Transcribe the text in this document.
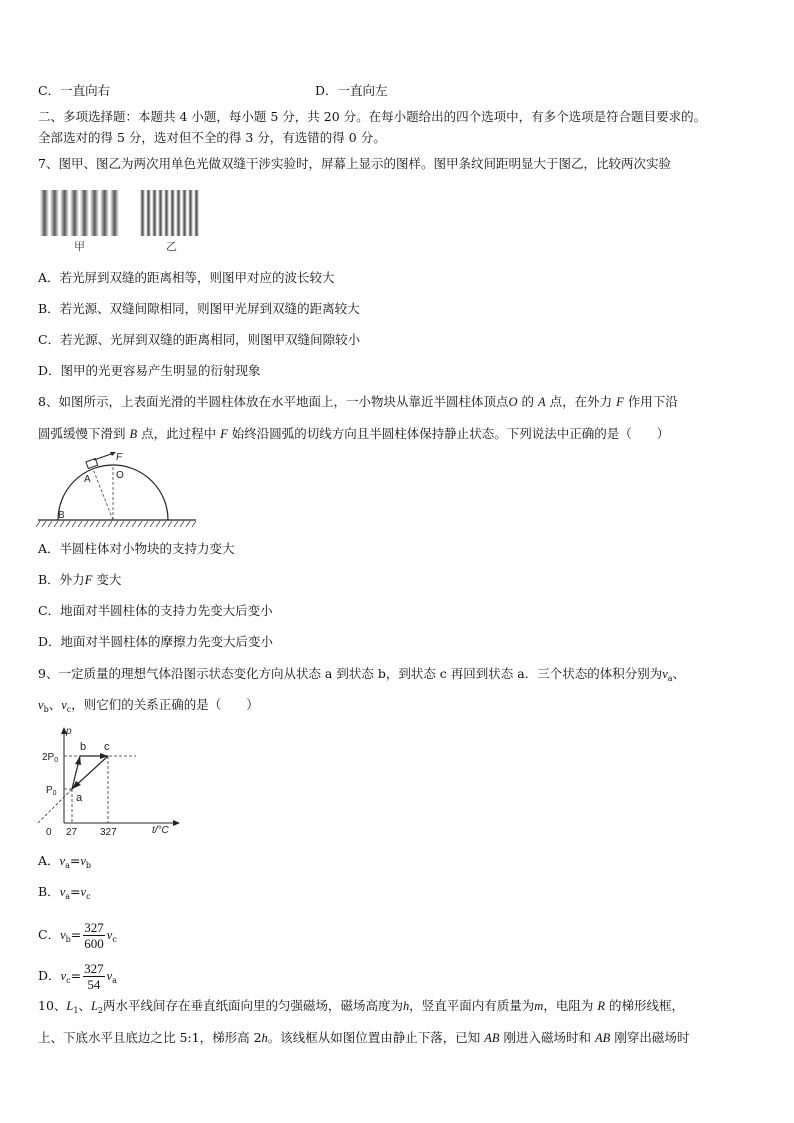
C．一直向右	D．一直向左
二、多项选择题：本题共 4 小题，每小题 5 分，共 20 分。在每小题给出的四个选项中，有多个选项是符合题目要求的。
全部选对的得 5 分，选对但不全的得 3 分，有选错的得 0 分。
7、图甲、图乙为两次用单色光做双缝干涉实验时，屏幕上显示的图样。图甲条纹间距明显大于图乙，比较两次实验
甲	乙
A．若光屏到双缝的距离相等，则图甲对应的波长较大
B．若光源、双缝间隙相同，则图甲光屏到双缝的距离较大
C．若光源、光屏到双缝的距离相同，则图甲双缝间隙较小
D．图甲的光更容易产生明显的衍射现象
8、如图所示，上表面光滑的半圆柱体放在水平地面上，一小物块从靠近半圆柱体顶点O 的 A 点，在外力 F 作用下沿
圆弧缓慢下滑到 B 点，此过程中 F 始终沿圆弧的切线方向且半圆柱体保持静止状态。下列说法中正确的是（　　）
F
A	O
B
A．半圆柱体对小物块的支持力变大
B．外力F 变大
C．地面对半圆柱体的支持力先变大后变小
D．地面对半圆柱体的摩擦力先变大后变小
9、一定质量的理想气体沿图示状态变化方向从状态 a 到状态 b，到状态 c 再回到状态 a．三个状态的体积分别为$v_a$、
$v_b$、$v_c$，则它们的关系正确的是（　　）
p
$2P_0$
$P_0$ a
b c
0 27 327	t/°C
A．$v_a=v_b$
B．$v_a=v_c$
C．$v_b= \frac{327}{600} v_c$
D．$v_c= \frac{327}{54} v_a$
10、$L_1$、$L_2$两水平线间存在垂直纸面向里的匀强磁场，磁场高度为h，竖直平面内有质量为m，电阻为 R 的梯形线框，
上、下底水平且底边之比 5:1，梯形高 2h。该线框从如图位置由静止下落，已知 AB 刚进入磁场时和 AB 刚穿出磁场时
